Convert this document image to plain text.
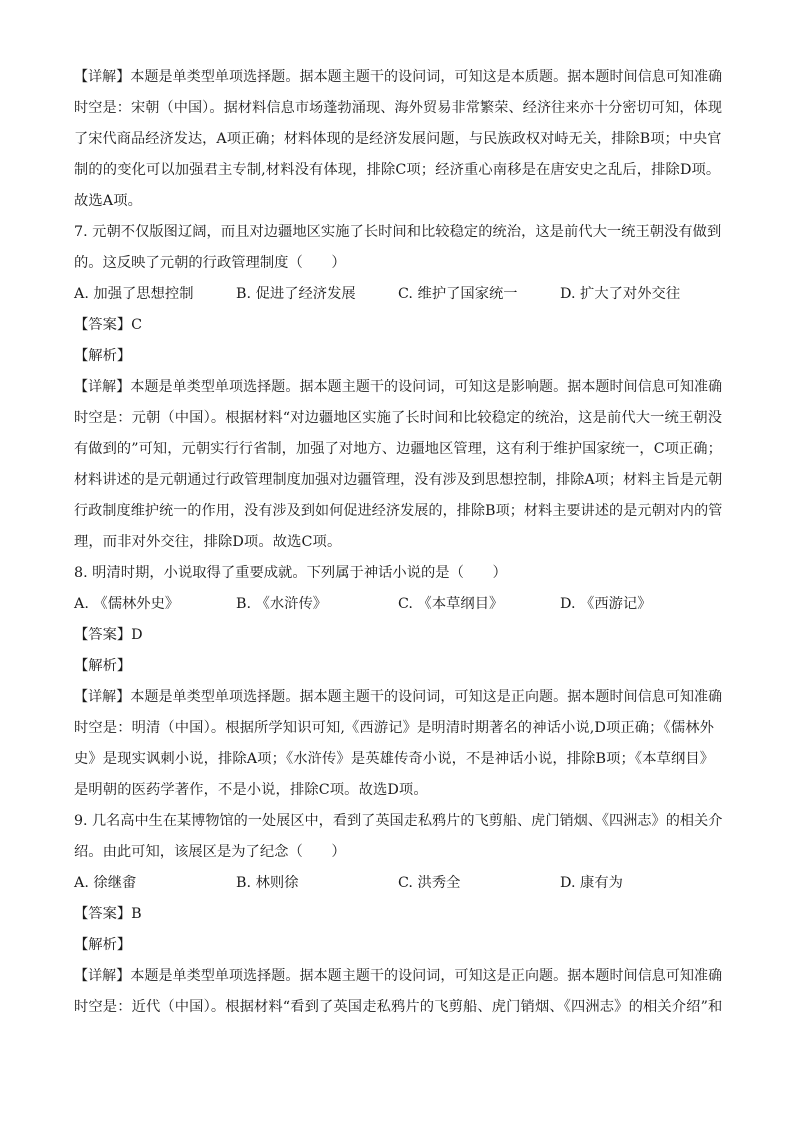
【详解】本题是单类型单项选择题。据本题主题干的设问词，可知这是本质题。据本题时间信息可知准确
时空是：宋朝（中国）。据材料信息市场蓬勃涌现、海外贸易非常繁荣、经济往来亦十分密切可知，体现
了宋代商品经济发达，A项正确；材料体现的是经济发展问题，与民族政权对峙无关，排除B项；中央官
制的的变化可以加强君主专制,材料没有体现，排除C项；经济重心南移是在唐安史之乱后，排除D项。
故选A项。
7. 元朝不仅版图辽阔，而且对边疆地区实施了长时间和比较稳定的统治，这是前代大一统王朝没有做到
的。这反映了元朝的行政管理制度（　　）
A. 加强了思想控制	B. 促进了经济发展	C. 维护了国家统一	D. 扩大了对外交往
【答案】C
【解析】
【详解】本题是单类型单项选择题。据本题主题干的设问词，可知这是影响题。据本题时间信息可知准确
时空是：元朝（中国）。根据材料“对边疆地区实施了长时间和比较稳定的统治，这是前代大一统王朝没
有做到的”可知，元朝实行行省制，加强了对地方、边疆地区管理，这有利于维护国家统一，C项正确；
材料讲述的是元朝通过行政管理制度加强对边疆管理，没有涉及到思想控制，排除A项；材料主旨是元朝
行政制度维护统一的作用，没有涉及到如何促进经济发展的，排除B项；材料主要讲述的是元朝对内的管
理，而非对外交往，排除D项。故选C项。
8. 明清时期，小说取得了重要成就。下列属于神话小说的是（　　）
A. 《儒林外史》	B. 《水浒传》	C. 《本草纲目》	D. 《西游记》
【答案】D
【解析】
【详解】本题是单类型单项选择题。据本题主题干的设问词，可知这是正向题。据本题时间信息可知准确
时空是：明清（中国）。根据所学知识可知,《西游记》是明清时期著名的神话小说,D项正确；《儒林外
史》是现实讽刺小说，排除A项；《水浒传》是英雄传奇小说，不是神话小说，排除B项；《本草纲目》
是明朝的医药学著作，不是小说，排除C项。故选D项。
9. 几名高中生在某博物馆的一处展区中，看到了英国走私鸦片的飞剪船、虎门销烟、《四洲志》的相关介
绍。由此可知，该展区是为了纪念（　　）
A. 徐继畬	B. 林则徐	C. 洪秀全	D. 康有为
【答案】B
【解析】
【详解】本题是单类型单项选择题。据本题主题干的设问词，可知这是正向题。据本题时间信息可知准确
时空是：近代（中国）。根据材料“看到了英国走私鸦片的飞剪船、虎门销烟、《四洲志》的相关介绍”和
